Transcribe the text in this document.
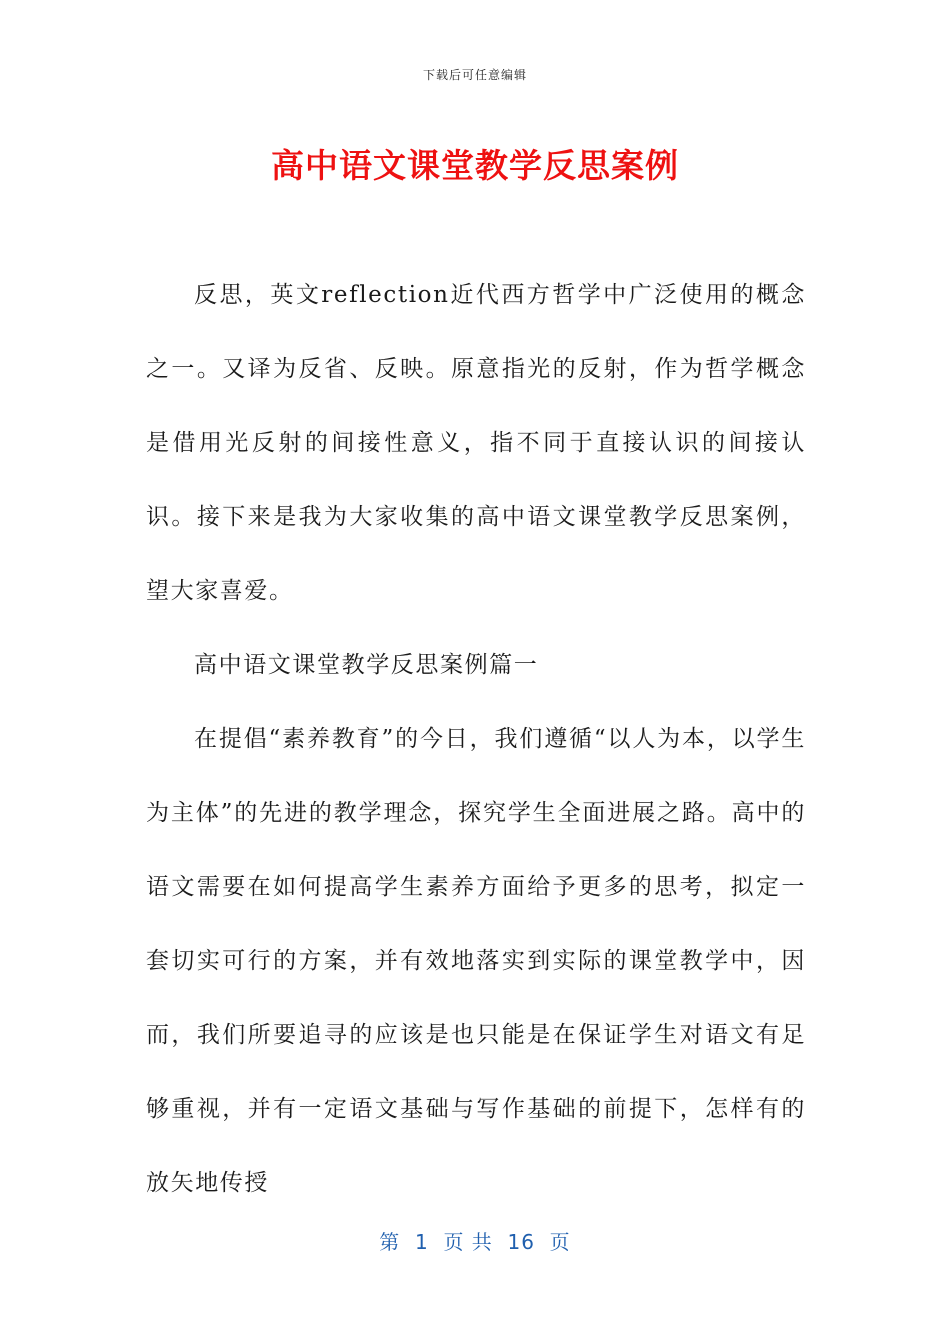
下载后可任意编辑
高中语文课堂教学反思案例

反思，英文reflection近代西方哲学中广泛使用的概念之一。又译为反省、反映。原意指光的反射，作为哲学概念是借用光反射的间接性意义，指不同于直接认识的间接认识。接下来是我为大家收集的高中语文课堂教学反思案例，望大家喜爱。

高中语文课堂教学反思案例篇一

在提倡“素养教育”的今日，我们遵循“以人为本，以学生为主体”的先进的教学理念，探究学生全面进展之路。高中的语文需要在如何提高学生素养方面给予更多的思考，拟定一套切实可行的方案，并有效地落实到实际的课堂教学中，因而，我们所要追寻的应该是也只能是在保证学生对语文有足够重视，并有一定语文基础与写作基础的前提下，怎样有的放矢地传授

第  1  页 共  16  页
